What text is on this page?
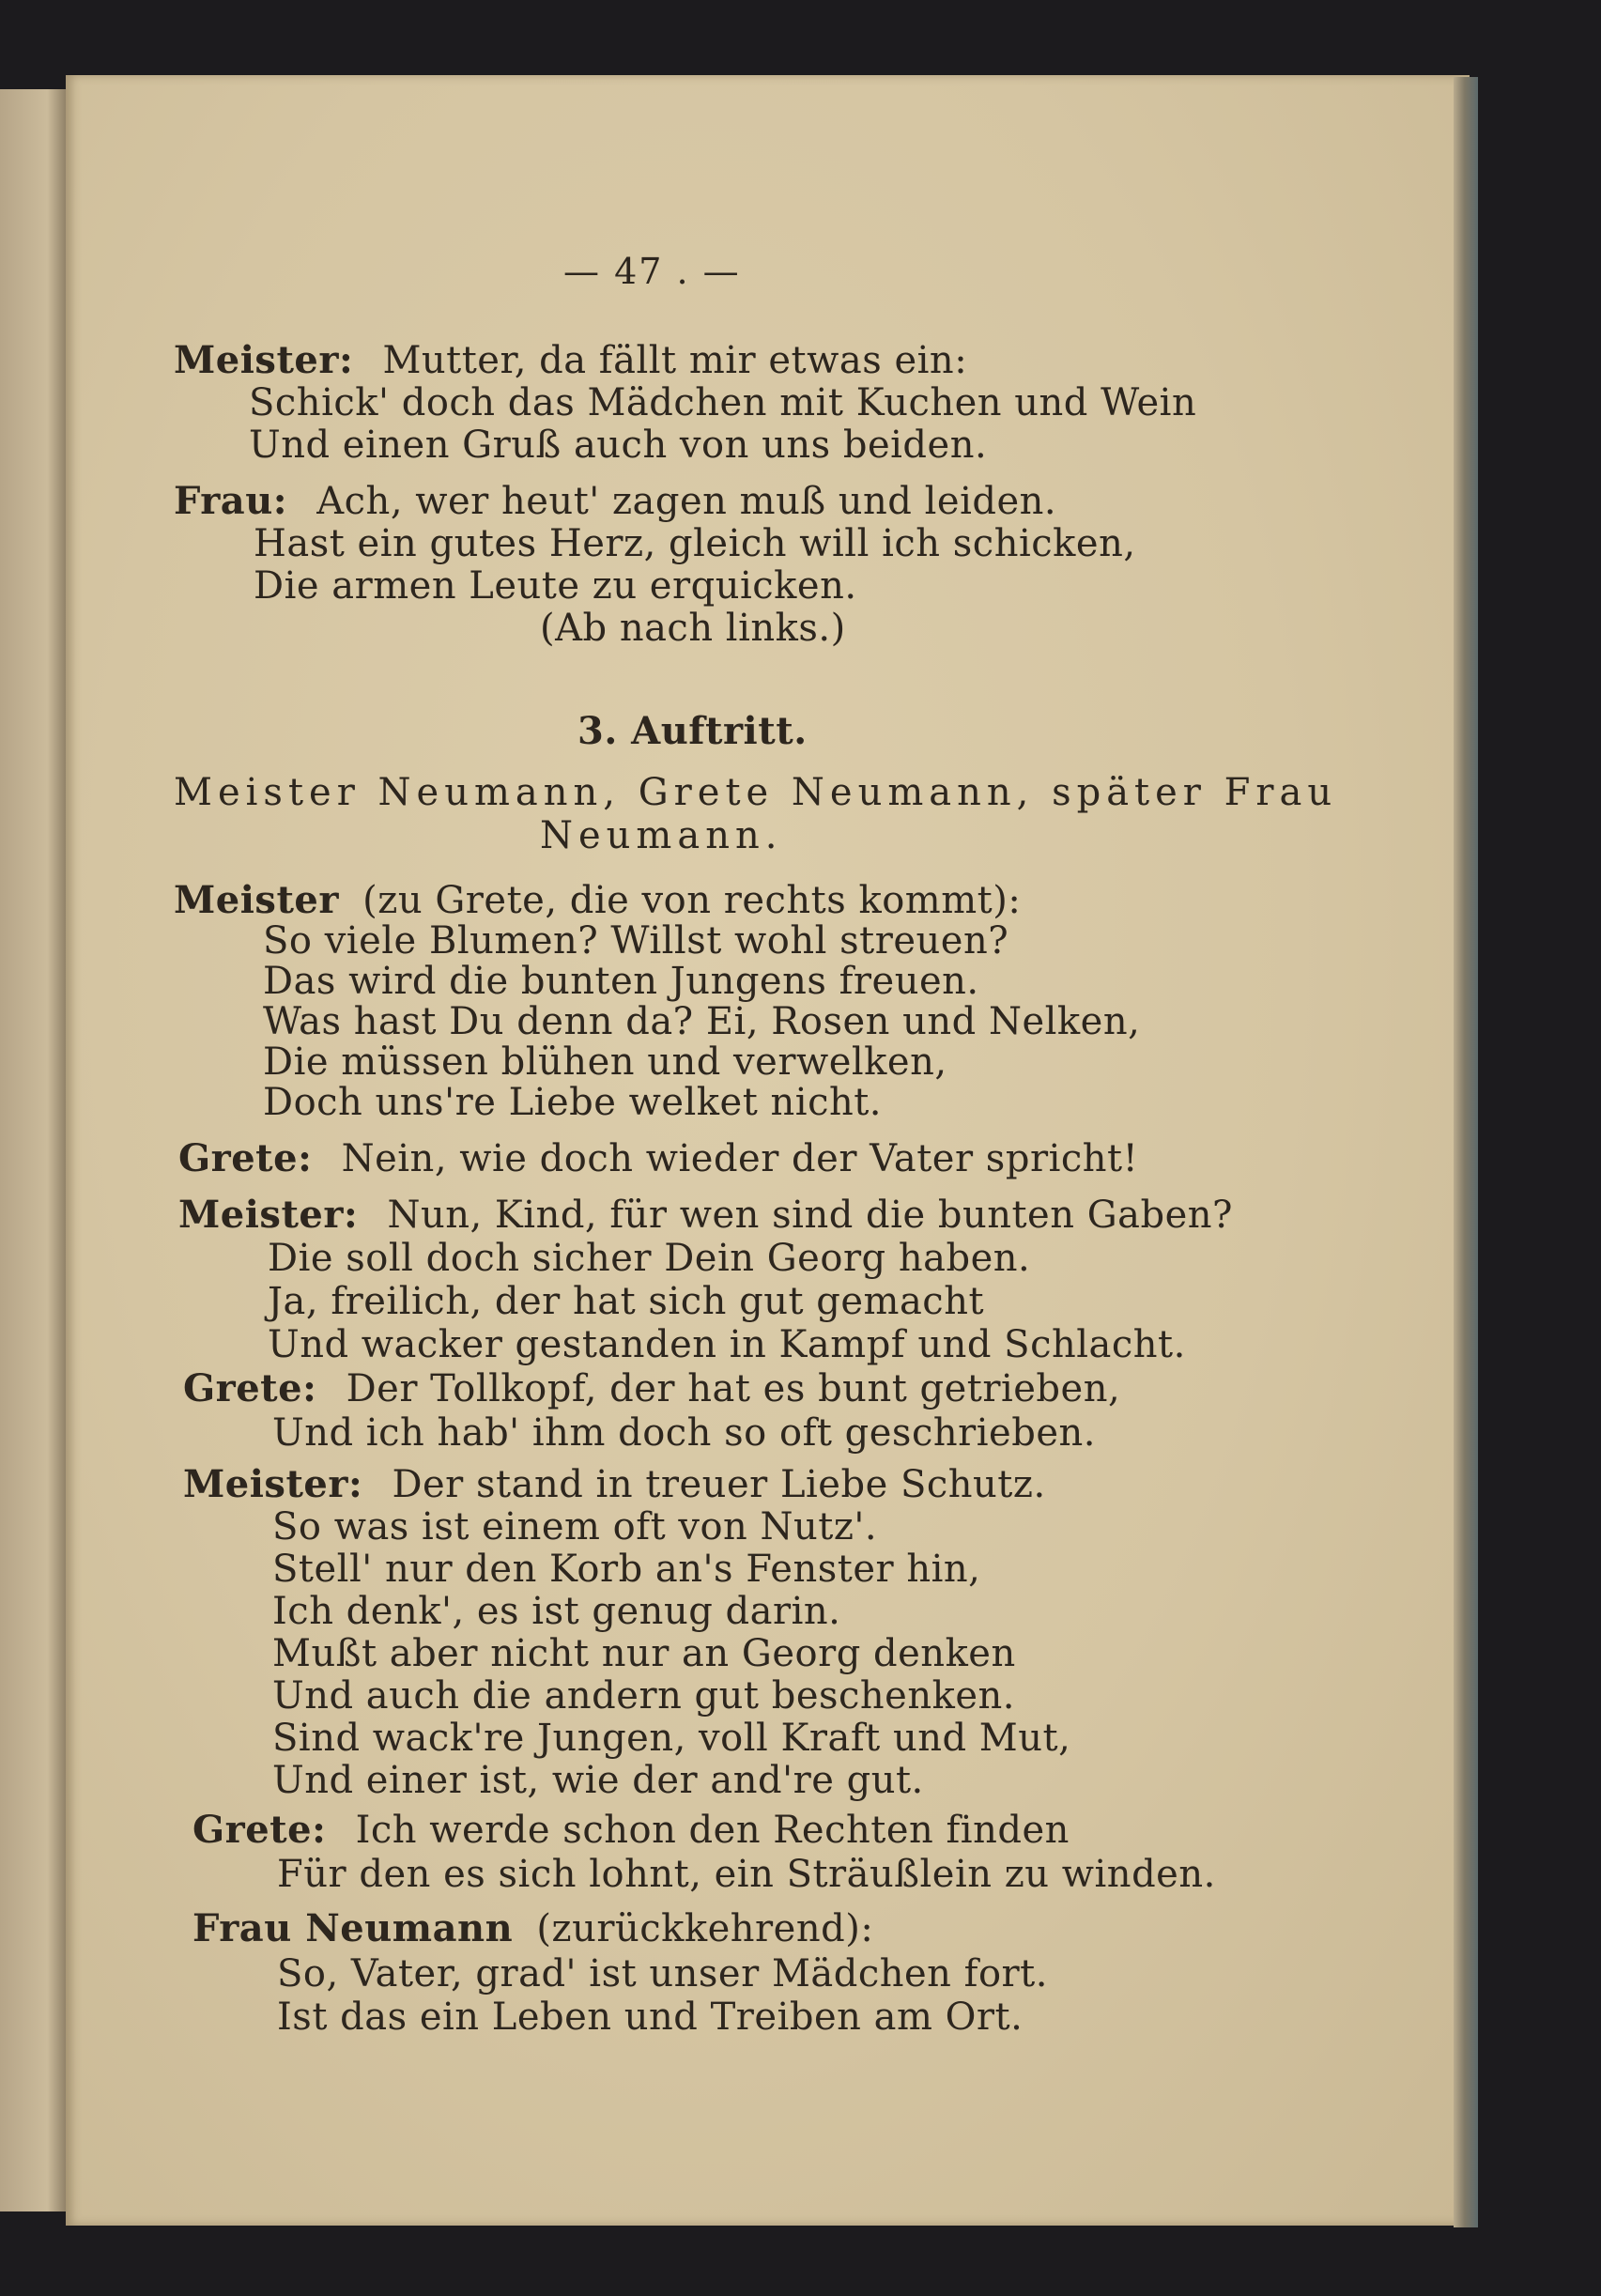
— 47 . —
Meister: Mutter, da fällt mir etwas ein:
Schick' doch das Mädchen mit Kuchen und Wein
Und einen Gruß auch von uns beiden.
Frau: Ach, wer heut' zagen muß und leiden.
Hast ein gutes Herz, gleich will ich schicken,
Die armen Leute zu erquicken.
(Ab nach links.)
3. Auftritt.
Meister Neumann, Grete Neumann, später Frau
Neumann.
Meister (zu Grete, die von rechts kommt):
So viele Blumen? Willst wohl streuen?
Das wird die bunten Jungens freuen.
Was hast Du denn da? Ei, Rosen und Nelken,
Die müssen blühen und verwelken,
Doch uns're Liebe welket nicht.
Grete: Nein, wie doch wieder der Vater spricht!
Meister: Nun, Kind, für wen sind die bunten Gaben?
Die soll doch sicher Dein Georg haben.
Ja, freilich, der hat sich gut gemacht
Und wacker gestanden in Kampf und Schlacht.
Grete: Der Tollkopf, der hat es bunt getrieben,
Und ich hab' ihm doch so oft geschrieben.
Meister: Der stand in treuer Liebe Schutz.
So was ist einem oft von Nutz'.
Stell' nur den Korb an's Fenster hin,
Ich denk', es ist genug darin.
Mußt aber nicht nur an Georg denken
Und auch die andern gut beschenken.
Sind wack're Jungen, voll Kraft und Mut,
Und einer ist, wie der and're gut.
Grete: Ich werde schon den Rechten finden
Für den es sich lohnt, ein Sträußlein zu winden.
Frau Neumann (zurückkehrend):
So, Vater, grad' ist unser Mädchen fort.
Ist das ein Leben und Treiben am Ort.
